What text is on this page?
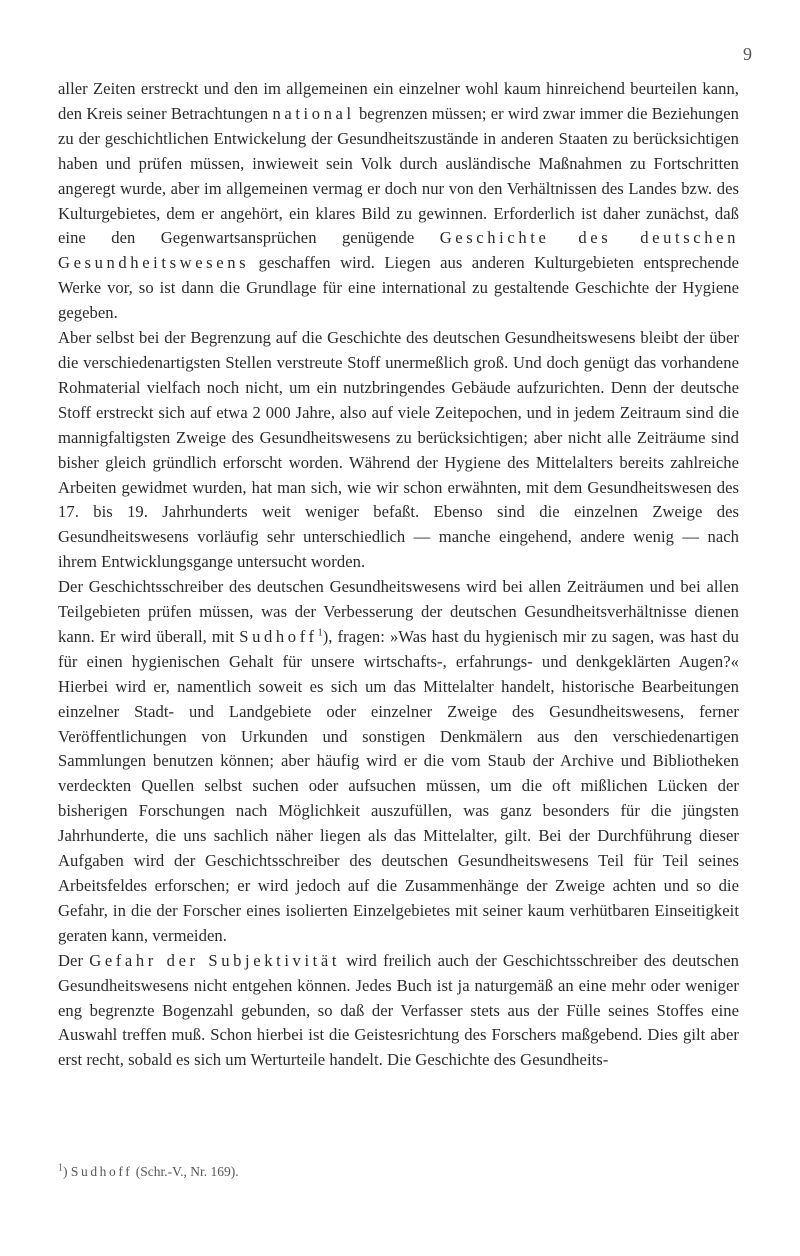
9

aller Zeiten erstreckt und den im allgemeinen ein einzelner wohl kaum hinreichend beurteilen kann, den Kreis seiner Betrachtungen national begrenzen müssen; er wird zwar immer die Beziehungen zu der geschichtlichen Entwickelung der Gesundheitszustände in anderen Staaten zu berücksichtigen haben und prüfen müssen, inwieweit sein Volk durch ausländische Maßnahmen zu Fortschritten angeregt wurde, aber im allgemeinen vermag er doch nur von den Verhältnissen des Landes bzw. des Kulturgebietes, dem er angehört, ein klares Bild zu gewinnen. Erforderlich ist daher zunächst, daß eine den Gegenwartsansprüchen genügende Geschichte des deutschen Gesundheitswesens geschaffen wird. Liegen aus anderen Kulturgebieten entsprechende Werke vor, so ist dann die Grundlage für eine international zu gestaltende Geschichte der Hygiene gegeben.

Aber selbst bei der Begrenzung auf die Geschichte des deutschen Gesundheitswesens bleibt der über die verschiedenartigsten Stellen verstreute Stoff unermeßlich groß. Und doch genügt das vorhandene Rohmaterial vielfach noch nicht, um ein nutzbringendes Gebäude aufzurichten. Denn der deutsche Stoff erstreckt sich auf etwa 2 000 Jahre, also auf viele Zeitepochen, und in jedem Zeitraum sind die mannigfaltigsten Zweige des Gesundheitswesens zu berücksichtigen; aber nicht alle Zeiträume sind bisher gleich gründlich erforscht worden. Während der Hygiene des Mittelalters bereits zahlreiche Arbeiten gewidmet wurden, hat man sich, wie wir schon erwähnten, mit dem Gesundheitswesen des 17. bis 19. Jahrhunderts weit weniger befaßt. Ebenso sind die einzelnen Zweige des Gesundheitswesens vorläufig sehr unterschiedlich — manche eingehend, andere wenig — nach ihrem Entwicklungsgange untersucht worden.

Der Geschichtsschreiber des deutschen Gesundheitswesens wird bei allen Zeiträumen und bei allen Teilgebieten prüfen müssen, was der Verbesserung der deutschen Gesundheitsverhältnisse dienen kann. Er wird überall, mit Sudhoff$^1$), fragen: »Was hast du hygienisch mir zu sagen, was hast du für einen hygienischen Gehalt für unsere wirtschafts-, erfahrungs- und denkgeklärten Augen?« Hierbei wird er, namentlich soweit es sich um das Mittelalter handelt, historische Bearbeitungen einzelner Stadt- und Landgebiete oder einzelner Zweige des Gesundheitswesens, ferner Veröffentlichungen von Urkunden und sonstigen Denkmälern aus den verschiedenartigen Sammlungen benutzen können; aber häufig wird er die vom Staub der Archive und Bibliotheken verdeckten Quellen selbst suchen oder aufsuchen müssen, um die oft mißlichen Lücken der bisherigen Forschungen nach Möglichkeit auszufüllen, was ganz besonders für die jüngsten Jahrhunderte, die uns sachlich näher liegen als das Mittelalter, gilt. Bei der Durchführung dieser Aufgaben wird der Geschichtsschreiber des deutschen Gesundheitswesens Teil für Teil seines Arbeitsfeldes erforschen; er wird jedoch auf die Zusammenhänge der Zweige achten und so die Gefahr, in die der Forscher eines isolierten Einzelgebietes mit seiner kaum verhütbaren Einseitigkeit geraten kann, vermeiden.

Der Gefahr der Subjektivität wird freilich auch der Geschichtsschreiber des deutschen Gesundheitswesens nicht entgehen können. Jedes Buch ist ja naturgemäß an eine mehr oder weniger eng begrenzte Bogenzahl gebunden, so daß der Verfasser stets aus der Fülle seines Stoffes eine Auswahl treffen muß. Schon hierbei ist die Geistesrichtung des Forschers maßgebend. Dies gilt aber erst recht, sobald es sich um Werturteile handelt. Die Geschichte des Gesundheits-

$^1$) Sudhoff (Schr.-V., Nr. 169).
